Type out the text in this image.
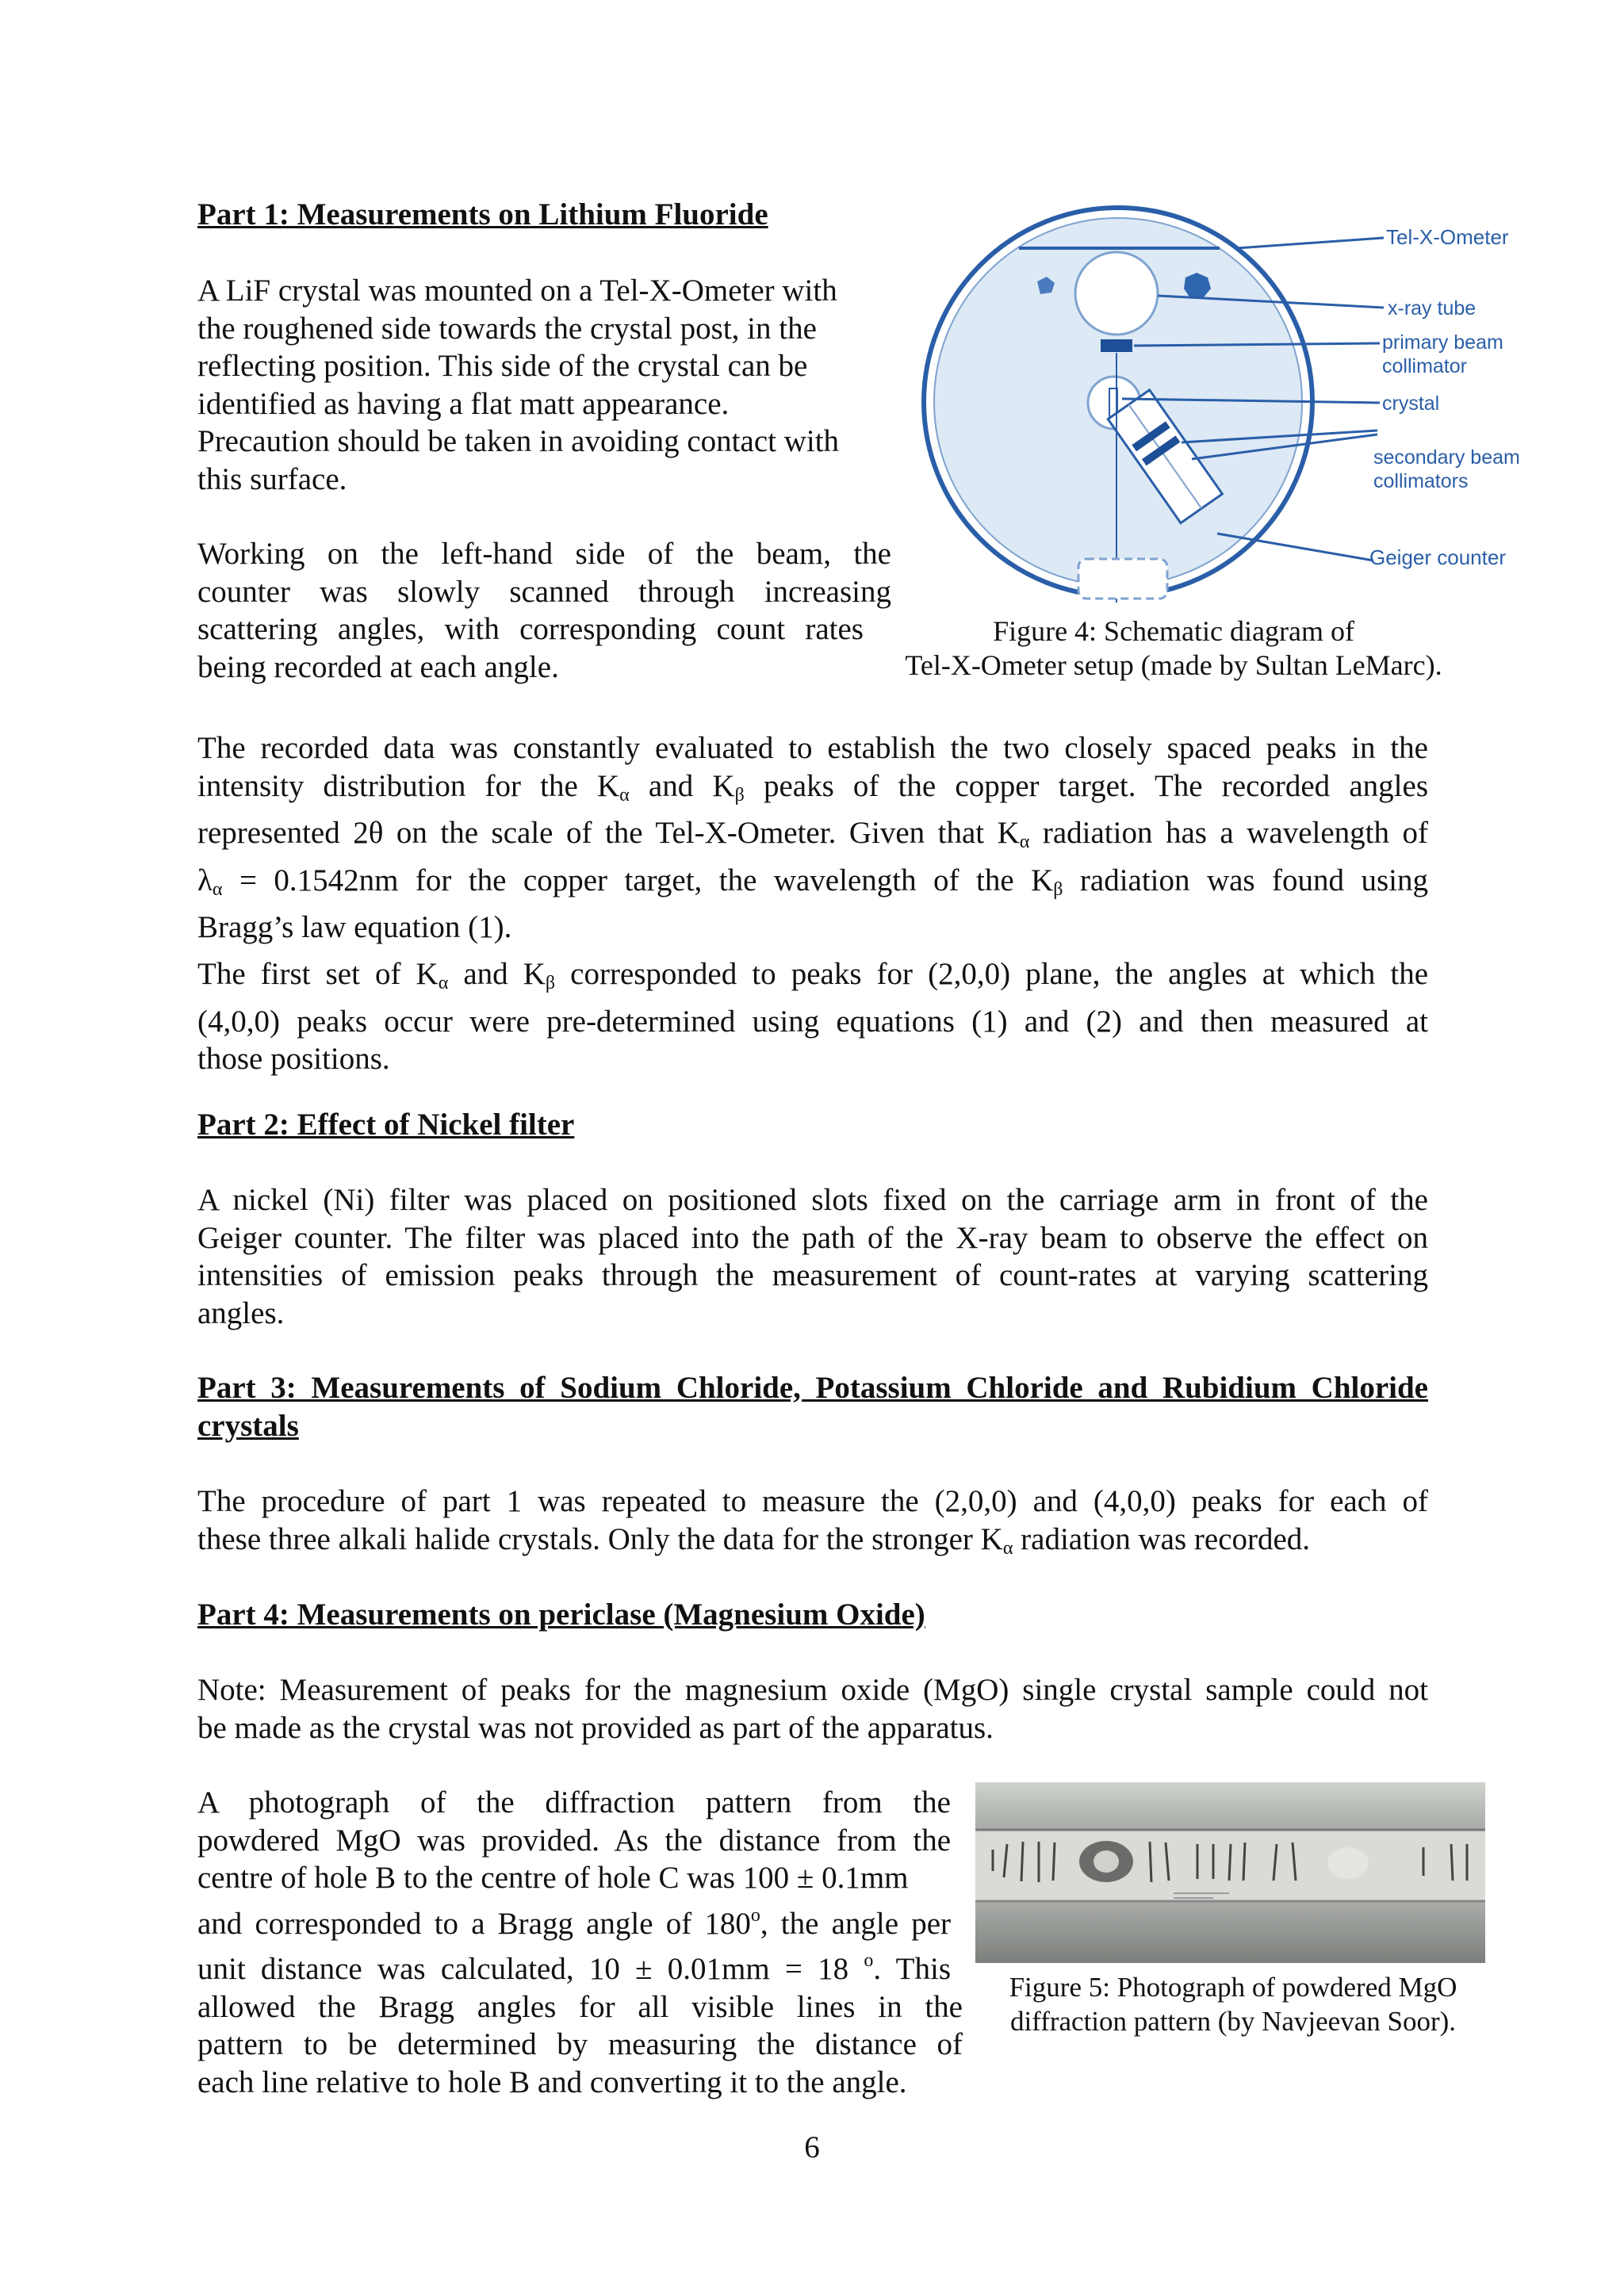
Part 1: Measurements on Lithium Fluoride
A LiF crystal was mounted on a Tel-X-Ometer with
the roughened side towards the crystal post, in the
reflecting position. This side of the crystal can be
identified as having a flat matt appearance.
Precaution should be taken in avoiding contact with
this surface.
Working on the left-hand side of the beam, the
counter was slowly scanned through increasing
scattering angles, with corresponding count rates
being recorded at each angle.
Tel-X-Ometer
x-ray tube
primary beam
collimator
crystal
secondary beam
collimators
Geiger counter
Figure 4: Schematic diagram of
Tel-X-Ometer setup (made by Sultan LeMarc).
The recorded data was constantly evaluated to establish the two closely spaced peaks in the
intensity distribution for the $K_\alpha$ and $K_\beta$ peaks of the copper target. The recorded angles
represented 2θ on the scale of the Tel-X-Ometer. Given that $K_\alpha$ radiation has a wavelength of
$\lambda_\alpha = 0.1542nm$ for the copper target, the wavelength of the $K_\beta$ radiation was found using
Bragg’s law equation (1).
The first set of $K_\alpha$ and $K_\beta$ corresponded to peaks for (2,0,0) plane, the angles at which the
(4,0,0) peaks occur were pre-determined using equations (1) and (2) and then measured at
those positions.
Part 2: Effect of Nickel filter
A nickel (Ni) filter was placed on positioned slots fixed on the carriage arm in front of the
Geiger counter. The filter was placed into the path of the X-ray beam to observe the effect on
intensities of emission peaks through the measurement of count-rates at varying scattering
angles.
Part 3: Measurements of Sodium Chloride, Potassium Chloride and Rubidium Chloride
crystals
The procedure of part 1 was repeated to measure the (2,0,0) and (4,0,0) peaks for each of
these three alkali halide crystals. Only the data for the stronger $K_\alpha$ radiation was recorded.
Part 4: Measurements on periclase (Magnesium Oxide)
Note: Measurement of peaks for the magnesium oxide (MgO) single crystal sample could not
be made as the crystal was not provided as part of the apparatus.
A photograph of the diffraction pattern from the
powdered MgO was provided. As the distance from the
centre of hole B to the centre of hole C was 100 ± 0.1mm
and corresponded to a Bragg angle of 180$^o$, the angle per
unit distance was calculated, 10 ± 0.01mm = 18 $^o$. This
allowed the Bragg angles for all visible lines in the
pattern to be determined by measuring the distance of
each line relative to hole B and converting it to the angle.
Figure 5: Photograph of powdered MgO
diffraction pattern (by Navjeevan Soor).
6
